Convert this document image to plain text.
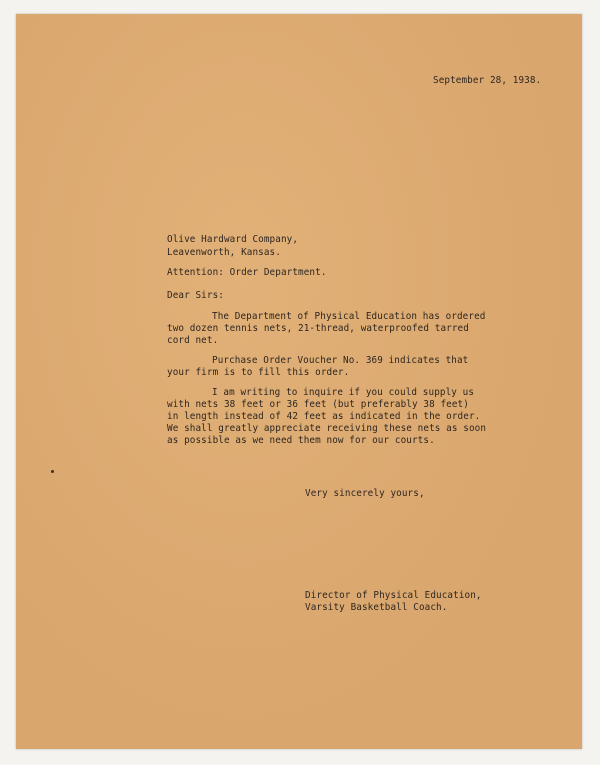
September 28, 1938.
Olive Hardward Company,
Leavenworth, Kansas.
Attention: Order Department.
Dear Sirs:
The Department of Physical Education has ordered
two dozen tennis nets, 21-thread, waterproofed tarred
cord net.
Purchase Order Voucher No. 369 indicates that
your firm is to fill this order.
I am writing to inquire if you could supply us
with nets 38 feet or 36 feet (but preferably 38 feet)
in length instead of 42 feet as indicated in the order.
We shall greatly appreciate receiving these nets as soon
as possible as we need them now for our courts.
Very sincerely yours,
Director of Physical Education,
Varsity Basketball Coach.
